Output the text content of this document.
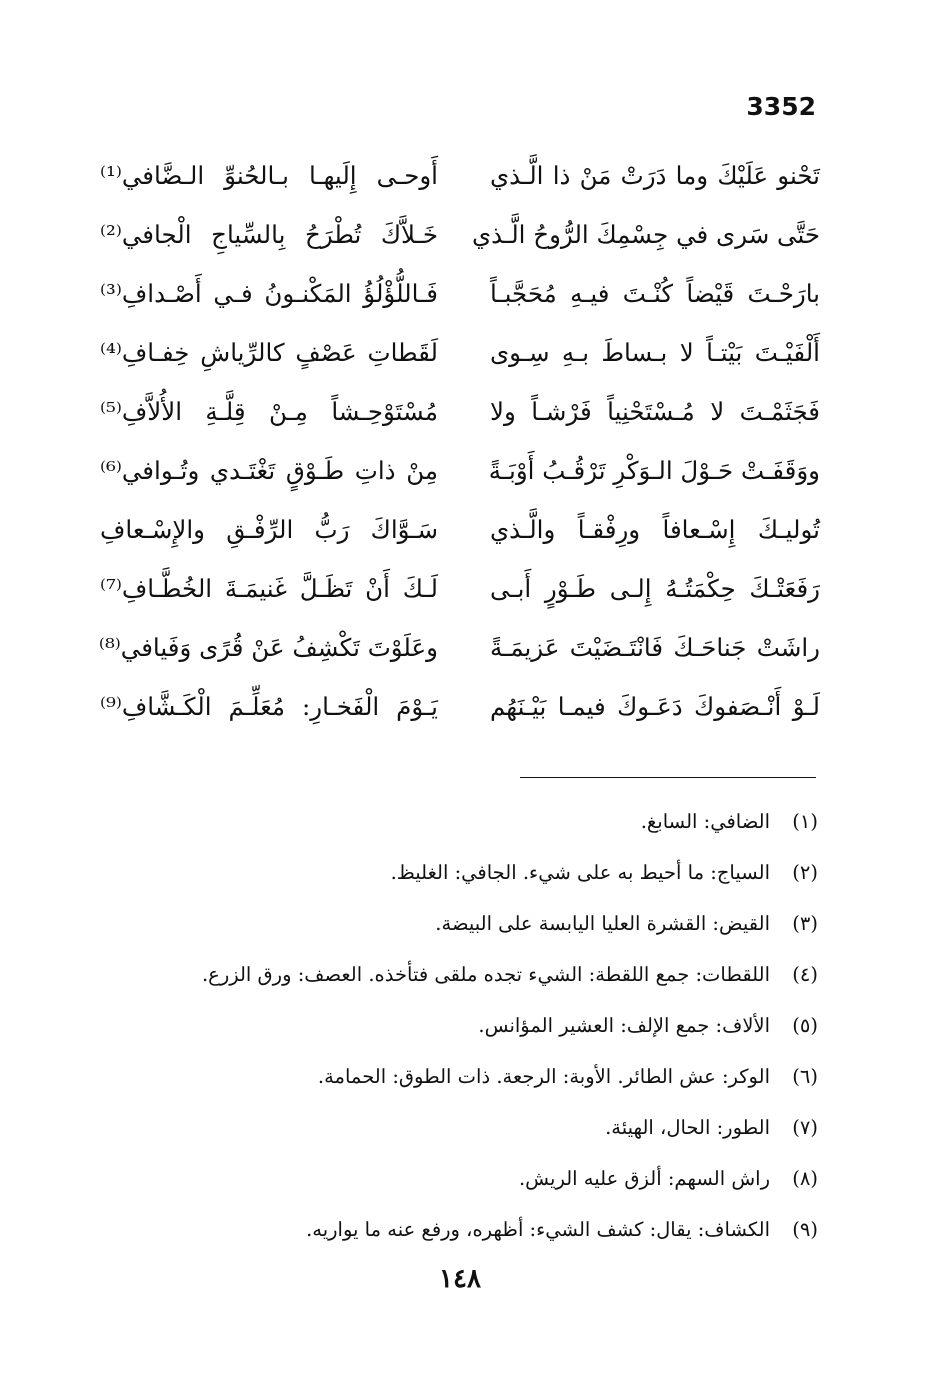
3352
تَحْنو عَلَيْكَ وما دَرَتْ مَنْ ذا الَّـذي
أَوحـى إِلَيهـا بـالحُنوِّ الـضَّافي⁽¹⁾
حَتَّى سَرى في جِسْمِكَ الرُّوحُ الَّـذي
خَـلاَّكَ تُطْرَحُ بِالسِّياجِ الْجافي⁽²⁾
بارَحْـتَ قَيْضاً كُنْـتَ فيـهِ مُحَجَّبـاً
فَـاللُّؤْلُؤُ المَكْنـونُ فـي أَصْـدافِ⁽³⁾
أَلْفَيْـتَ بَيْتـاً لا بـساطَ بـهِ سِـوى
لَقَطاتِ عَصْفٍ كالرِّياشِ خِفـافِ⁽⁴⁾
فَجَثَمْـتَ لا مُـسْتَحْنِياً فَرْشـاً ولا
مُسْتَوْحِـشاً مِـنْ قِلَّـةِ الأُلاَّفِ⁽⁵⁾
ووَقَفَـتْ حَـوْلَ الـوَكْرِ تَرْقُـبُ أَوْبَـةً
مِنْ ذاتِ طَـوْقٍ تَغْتَـدي وتُـوافي⁽⁶⁾
تُوليـكَ إِسْـعافاً ورِفْقـاً والَّـذي
سَـوَّاكَ رَبُّ الرِّفْـقِ والإِسْـعافِ
رَفَعَتْـكَ حِكْمَتُـهُ إِلـى طَـوْرٍ أَبـى
لَـكَ أَنْ تَظَـلَّ غَنيمَـةَ الخُطَّـافِ⁽⁷⁾
راشَتْ جَناحَـكَ فَانْتَـضَيْتَ عَزيمَـةً
وعَلَوْتَ تَكْشِفُ عَنْ قُرًى وَفَيافي⁽⁸⁾
لَـوْ أَنْـصَفوكَ دَعَـوكَ فيمـا بَيْـنَهُم
يَـوْمَ الْفَخـارِ: مُعَلِّـمَ الْكَـشَّافِ⁽⁹⁾
(١)
الضافي: السابغ.
(٢)
السياج: ما أحيط به على شيء. الجافي: الغليظ.
(٣)
القيض: القشرة العليا اليابسة على البيضة.
(٤)
اللقطات: جمع اللقطة: الشيء تجده ملقى فتأخذه. العصف: ورق الزرع.
(٥)
الألاف: جمع الإلف: العشير المؤانس.
(٦)
الوكر: عش الطائر. الأوبة: الرجعة. ذات الطوق: الحمامة.
(٧)
الطور: الحال، الهيئة.
(٨)
راش السهم: ألزق عليه الريش.
(٩)
الكشاف: يقال: كشف الشيء: أظهره، ورفع عنه ما يواريه.
١٤٨
